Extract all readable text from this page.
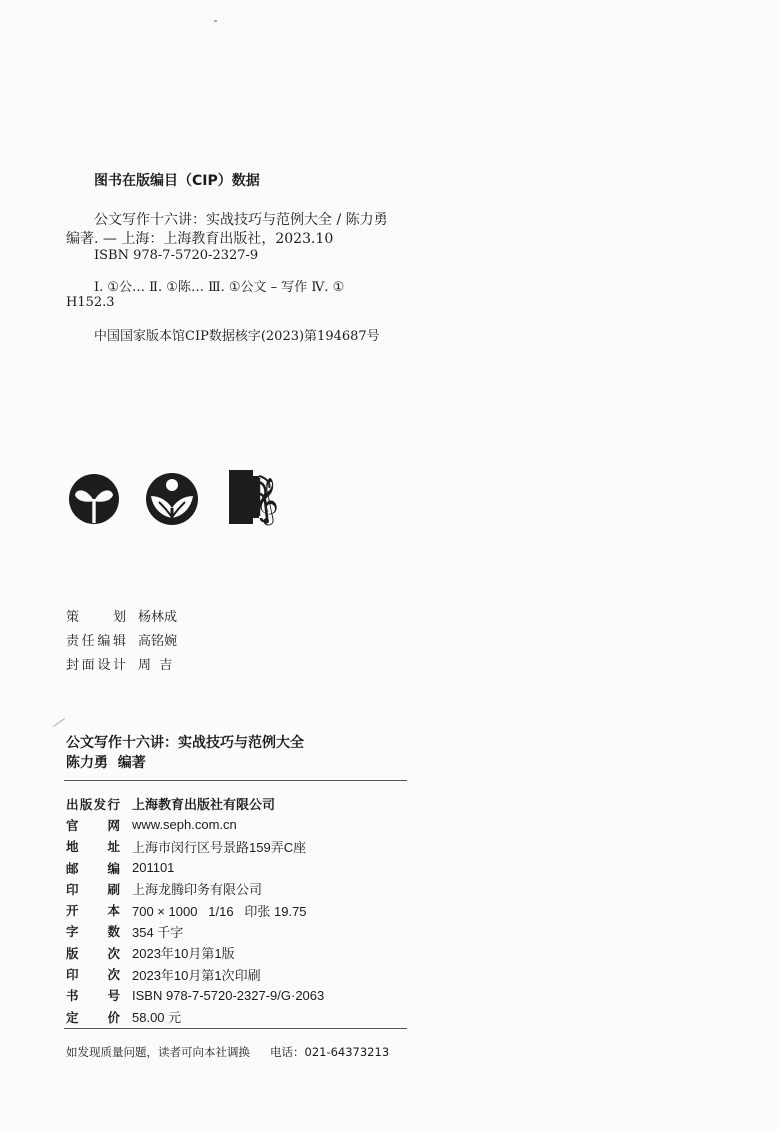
图书在版编目（CIP）数据
公文写作十六讲：实战技巧与范例大全 / 陈力勇
编著. — 上海：上海教育出版社，2023.10
ISBN 978-7-5720-2327-9
Ⅰ. ①公… Ⅱ. ①陈… Ⅲ. ①公文 – 写作 Ⅳ. ①
H152.3
中国国家版本馆CIP数据核字(2023)第194687号
𝄞
策	划 杨林成
责 任 编 辑 高铭婉
封 面 设 计 周  吉
公文写作十六讲：实战技巧与范例大全
陈力勇  编著
出 版 发 行 上海教育出版社有限公司
官 网 www.seph.com.cn
地 址 上海市闵行区号景路159弄C座
邮 编 201101
印 刷 上海龙腾印务有限公司
开 本 700 × 1000   1/16   印张 19.75
字 数 354 千字
版 次 2023年10月第1版
印 次 2023年10月第1次印刷
书 号 ISBN 978-7-5720-2327-9/G·2063
定 价 58.00 元
如发现质量问题，读者可向本社调换 电话：021-64373213
